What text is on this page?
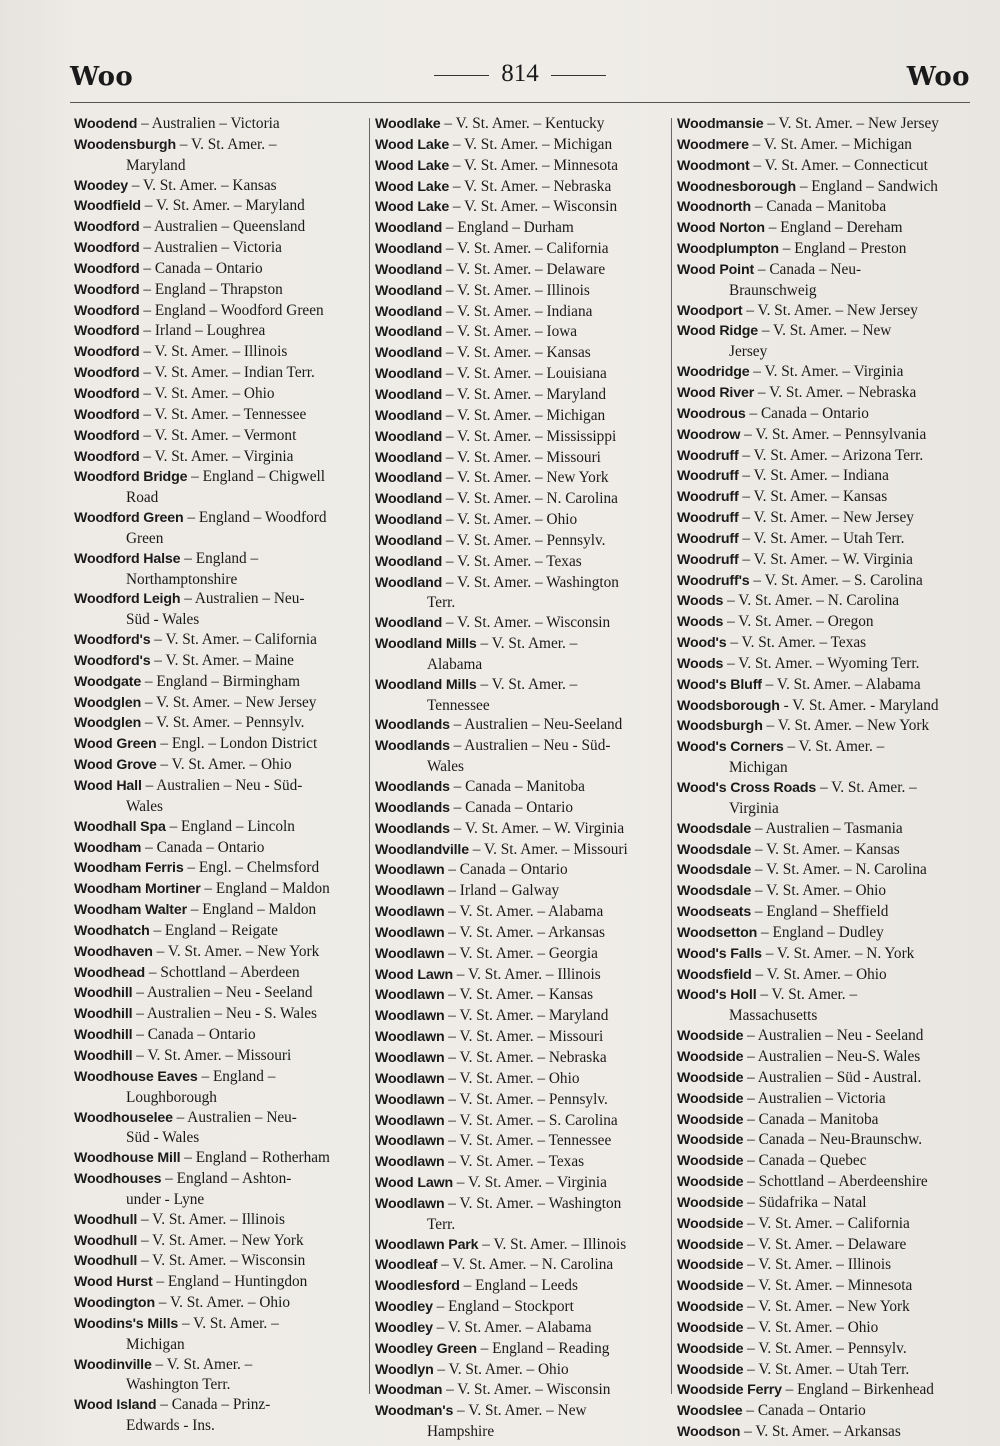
Woo	814	Woo
Woodend – Australien – Victoria
Woodensburgh – V. St. Amer. –
Maryland
Woodey – V. St. Amer. – Kansas
Woodfield – V. St. Amer. – Maryland
Woodford – Australien – Queensland
Woodford – Australien – Victoria
Woodford – Canada – Ontario
Woodford – England – Thrapston
Woodford – England – Woodford Green
Woodford – Irland – Loughrea
Woodford – V. St. Amer. – Illinois
Woodford – V. St. Amer. – Indian Terr.
Woodford – V. St. Amer. – Ohio
Woodford – V. St. Amer. – Tennessee
Woodford – V. St. Amer. – Vermont
Woodford – V. St. Amer. – Virginia
Woodford Bridge – England – Chigwell
Road
Woodford Green – England – Woodford
Green
Woodford Halse – England –
Northamptonshire
Woodford Leigh – Australien – Neu-
Süd - Wales
Woodford's – V. St. Amer. – California
Woodford's – V. St. Amer. – Maine
Woodgate – England – Birmingham
Woodglen – V. St. Amer. – New Jersey
Woodglen – V. St. Amer. – Pennsylv.
Wood Green – Engl. – London District
Wood Grove – V. St. Amer. – Ohio
Wood Hall – Australien – Neu - Süd-
Wales
Woodhall Spa – England – Lincoln
Woodham – Canada – Ontario
Woodham Ferris – Engl. – Chelmsford
Woodham Mortiner – England – Maldon
Woodham Walter – England – Maldon
Woodhatch – England – Reigate
Woodhaven – V. St. Amer. – New York
Woodhead – Schottland – Aberdeen
Woodhill – Australien – Neu - Seeland
Woodhill – Australien – Neu - S. Wales
Woodhill – Canada – Ontario
Woodhill – V. St. Amer. – Missouri
Woodhouse Eaves – England –
Loughborough
Woodhouselee – Australien – Neu-
Süd - Wales
Woodhouse Mill – England – Rotherham
Woodhouses – England – Ashton-
under - Lyne
Woodhull – V. St. Amer. – Illinois
Woodhull – V. St. Amer. – New York
Woodhull – V. St. Amer. – Wisconsin
Wood Hurst – England – Huntingdon
Woodington – V. St. Amer. – Ohio
Woodins's Mills – V. St. Amer. –
Michigan
Woodinville – V. St. Amer. –
Washington Terr.
Wood Island – Canada – Prinz-
Edwards - Ins.
Woodlake – V. St. Amer. – Kentucky
Wood Lake – V. St. Amer. – Michigan
Wood Lake – V. St. Amer. – Minnesota
Wood Lake – V. St. Amer. – Nebraska
Wood Lake – V. St. Amer. – Wisconsin
Woodland – England – Durham
Woodland – V. St. Amer. – California
Woodland – V. St. Amer. – Delaware
Woodland – V. St. Amer. – Illinois
Woodland – V. St. Amer. – Indiana
Woodland – V. St. Amer. – Iowa
Woodland – V. St. Amer. – Kansas
Woodland – V. St. Amer. – Louisiana
Woodland – V. St. Amer. – Maryland
Woodland – V. St. Amer. – Michigan
Woodland – V. St. Amer. – Mississippi
Woodland – V. St. Amer. – Missouri
Woodland – V. St. Amer. – New York
Woodland – V. St. Amer. – N. Carolina
Woodland – V. St. Amer. – Ohio
Woodland – V. St. Amer. – Pennsylv.
Woodland – V. St. Amer. – Texas
Woodland – V. St. Amer. – Washington
Terr.
Woodland – V. St. Amer. – Wisconsin
Woodland Mills – V. St. Amer. –
Alabama
Woodland Mills – V. St. Amer. –
Tennessee
Woodlands – Australien – Neu-Seeland
Woodlands – Australien – Neu - Süd-
Wales
Woodlands – Canada – Manitoba
Woodlands – Canada – Ontario
Woodlands – V. St. Amer. – W. Virginia
Woodlandville – V. St. Amer. – Missouri
Woodlawn – Canada – Ontario
Woodlawn – Irland – Galway
Woodlawn – V. St. Amer. – Alabama
Woodlawn – V. St. Amer. – Arkansas
Woodlawn – V. St. Amer. – Georgia
Wood Lawn – V. St. Amer. – Illinois
Woodlawn – V. St. Amer. – Kansas
Woodlawn – V. St. Amer. – Maryland
Woodlawn – V. St. Amer. – Missouri
Woodlawn – V. St. Amer. – Nebraska
Woodlawn – V. St. Amer. – Ohio
Woodlawn – V. St. Amer. – Pennsylv.
Woodlawn – V. St. Amer. – S. Carolina
Woodlawn – V. St. Amer. – Tennessee
Woodlawn – V. St. Amer. – Texas
Wood Lawn – V. St. Amer. – Virginia
Woodlawn – V. St. Amer. – Washington
Terr.
Woodlawn Park – V. St. Amer. – Illinois
Woodleaf – V. St. Amer. – N. Carolina
Woodlesford – England – Leeds
Woodley – England – Stockport
Woodley – V. St. Amer. – Alabama
Woodley Green – England – Reading
Woodlyn – V. St. Amer. – Ohio
Woodman – V. St. Amer. – Wisconsin
Woodman's – V. St. Amer. – New
Hampshire
Woodmansie – V. St. Amer. – New Jersey
Woodmere – V. St. Amer. – Michigan
Woodmont – V. St. Amer. – Connecticut
Woodnesborough – England – Sandwich
Woodnorth – Canada – Manitoba
Wood Norton – England – Dereham
Woodplumpton – England – Preston
Wood Point – Canada – Neu-
Braunschweig
Woodport – V. St. Amer. – New Jersey
Wood Ridge – V. St. Amer. – New
Jersey
Woodridge – V. St. Amer. – Virginia
Wood River – V. St. Amer. – Nebraska
Woodrous – Canada – Ontario
Woodrow – V. St. Amer. – Pennsylvania
Woodruff – V. St. Amer. – Arizona Terr.
Woodruff – V. St. Amer. – Indiana
Woodruff – V. St. Amer. – Kansas
Woodruff – V. St. Amer. – New Jersey
Woodruff – V. St. Amer. – Utah Terr.
Woodruff – V. St. Amer. – W. Virginia
Woodruff's – V. St. Amer. – S. Carolina
Woods – V. St. Amer. – N. Carolina
Woods – V. St. Amer. – Oregon
Wood's – V. St. Amer. – Texas
Woods – V. St. Amer. – Wyoming Terr.
Wood's Bluff – V. St. Amer. – Alabama
Woodsborough - V. St. Amer. - Maryland
Woodsburgh – V. St. Amer. – New York
Wood's Corners – V. St. Amer. –
Michigan
Wood's Cross Roads – V. St. Amer. –
Virginia
Woodsdale – Australien – Tasmania
Woodsdale – V. St. Amer. – Kansas
Woodsdale – V. St. Amer. – N. Carolina
Woodsdale – V. St. Amer. – Ohio
Woodseats – England – Sheffield
Woodsetton – England – Dudley
Wood's Falls – V. St. Amer. – N. York
Woodsfield – V. St. Amer. – Ohio
Wood's Holl – V. St. Amer. –
Massachusetts
Woodside – Australien – Neu - Seeland
Woodside – Australien – Neu-S. Wales
Woodside – Australien – Süd - Austral.
Woodside – Australien – Victoria
Woodside – Canada – Manitoba
Woodside – Canada – Neu-Braunschw.
Woodside – Canada – Quebec
Woodside – Schottland – Aberdeenshire
Woodside – Südafrika – Natal
Woodside – V. St. Amer. – California
Woodside – V. St. Amer. – Delaware
Woodside – V. St. Amer. – Illinois
Woodside – V. St. Amer. – Minnesota
Woodside – V. St. Amer. – New York
Woodside – V. St. Amer. – Ohio
Woodside – V. St. Amer. – Pennsylv.
Woodside – V. St. Amer. – Utah Terr.
Woodside Ferry – England – Birkenhead
Woodslee – Canada – Ontario
Woodson – V. St. Amer. – Arkansas
